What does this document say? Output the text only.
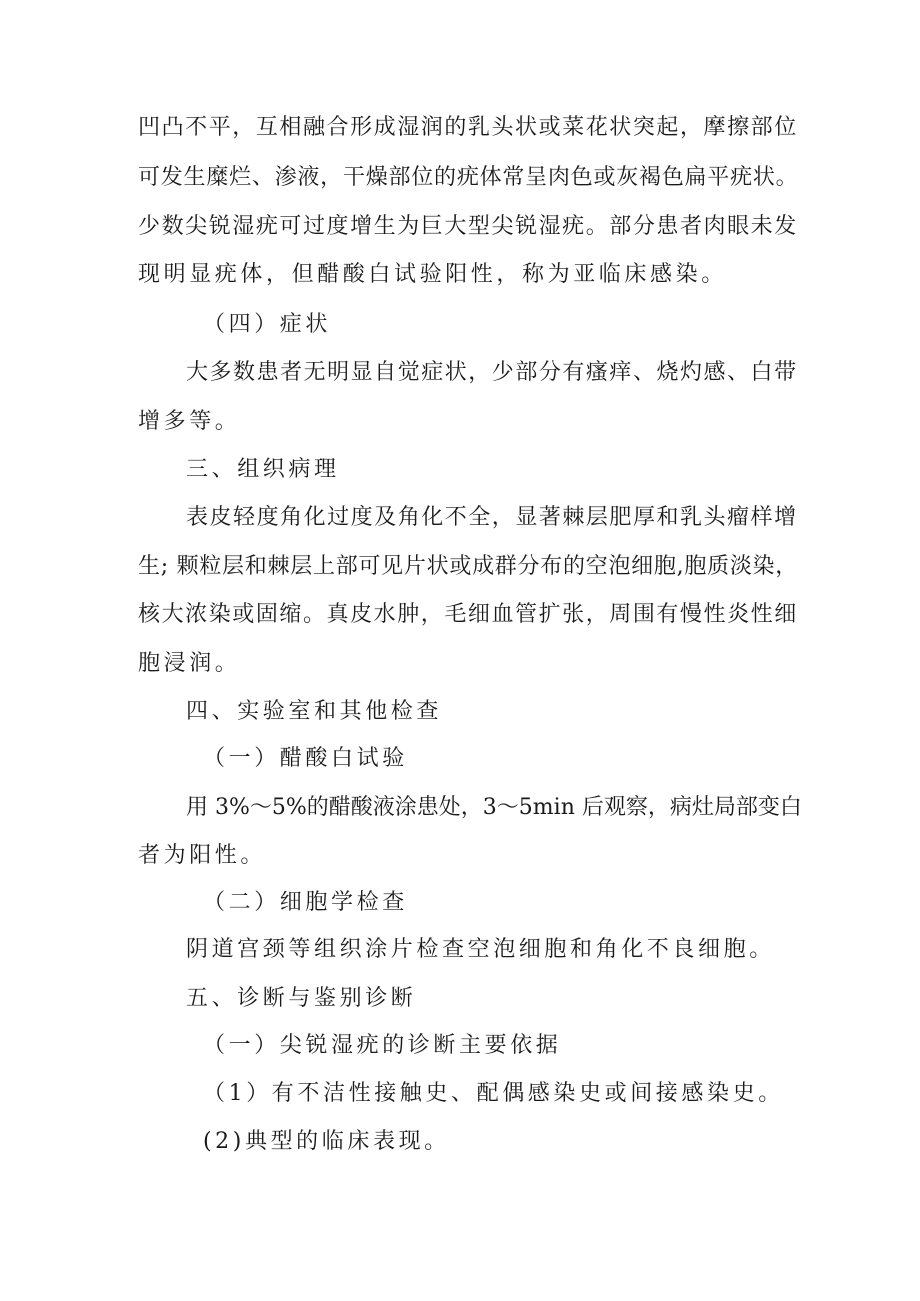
凹凸不平，互相融合形成湿润的乳头状或菜花状突起，摩擦部位
可发生糜烂、渗液，干燥部位的疣体常呈肉色或灰褐色扁平疣状。
少数尖锐湿疣可过度增生为巨大型尖锐湿疣。部分患者肉眼未发
现明显疣体，但醋酸白试验阳性，称为亚临床感染。
（四）症状
大多数患者无明显自觉症状，少部分有瘙痒、烧灼感、白带
增多等。
三、组织病理
表皮轻度角化过度及角化不全，显著棘层肥厚和乳头瘤样增
生; 颗粒层和棘层上部可见片状或成群分布的空泡细胞,胞质淡染，
核大浓染或固缩。真皮水肿，毛细血管扩张，周围有慢性炎性细
胞浸润。
四、实验室和其他检查
（一）醋酸白试验
用 3%～5%的醋酸液涂患处，3～5min 后观察，病灶局部变白
者为阳性。
（二）细胞学检查
阴道宫颈等组织涂片检查空泡细胞和角化不良细胞。
五、诊断与鉴别诊断
（一）尖锐湿疣的诊断主要依据
（1）有不洁性接触史、配偶感染史或间接感染史。
(2)典型的临床表现。
